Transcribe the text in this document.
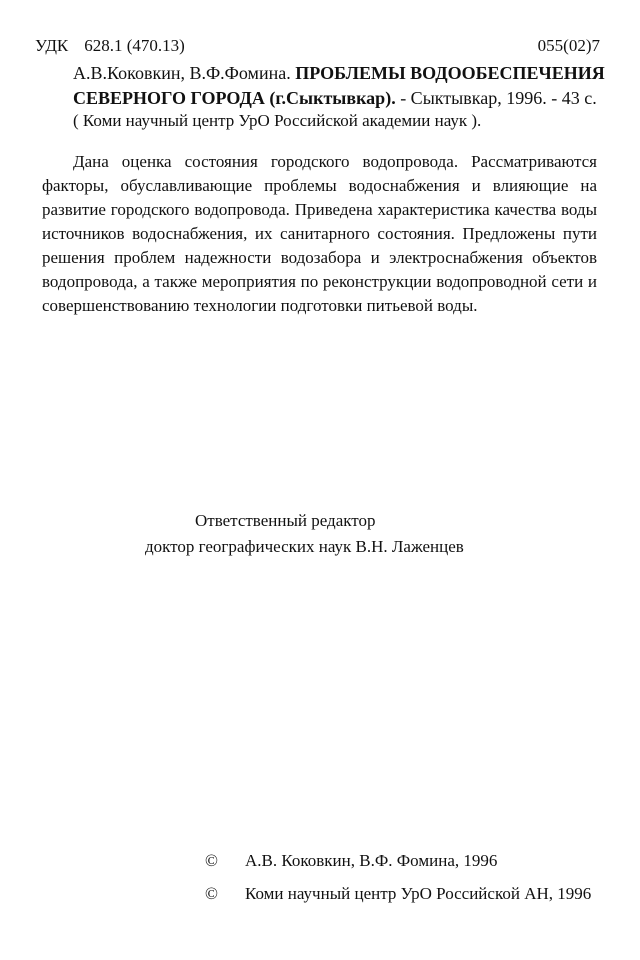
УДК 628.1 (470.13)	055(02)7
А.В.Коковкин, В.Ф.Фомина. ПРОБЛЕМЫ ВОДООБЕСПЕЧЕНИЯ
СЕВЕРНОГО ГОРОДА (г.Сыктывкар). - Сыктывкар, 1996. - 43 с.
( Коми научный центр УрО Российской академии наук ).
Дана оценка состояния городского водопровода. Рассматриваются факторы, обуславливающие проблемы водоснабжения и влияющие на развитие городского водопровода. Приведена характеристика качества воды источников водоснабжения, их санитарного состояния. Предложены пути решения проблем надежности водозабора и электроснабжения объектов водопровода, а также мероприятия по реконструкции водопроводной сети и совершенствованию технологии подготовки питьевой воды.
Ответственный редактор
доктор географических наук В.Н. Лаженцев
© А.В. Коковкин, В.Ф. Фомина, 1996
© Коми научный центр УрО Российской АН, 1996
